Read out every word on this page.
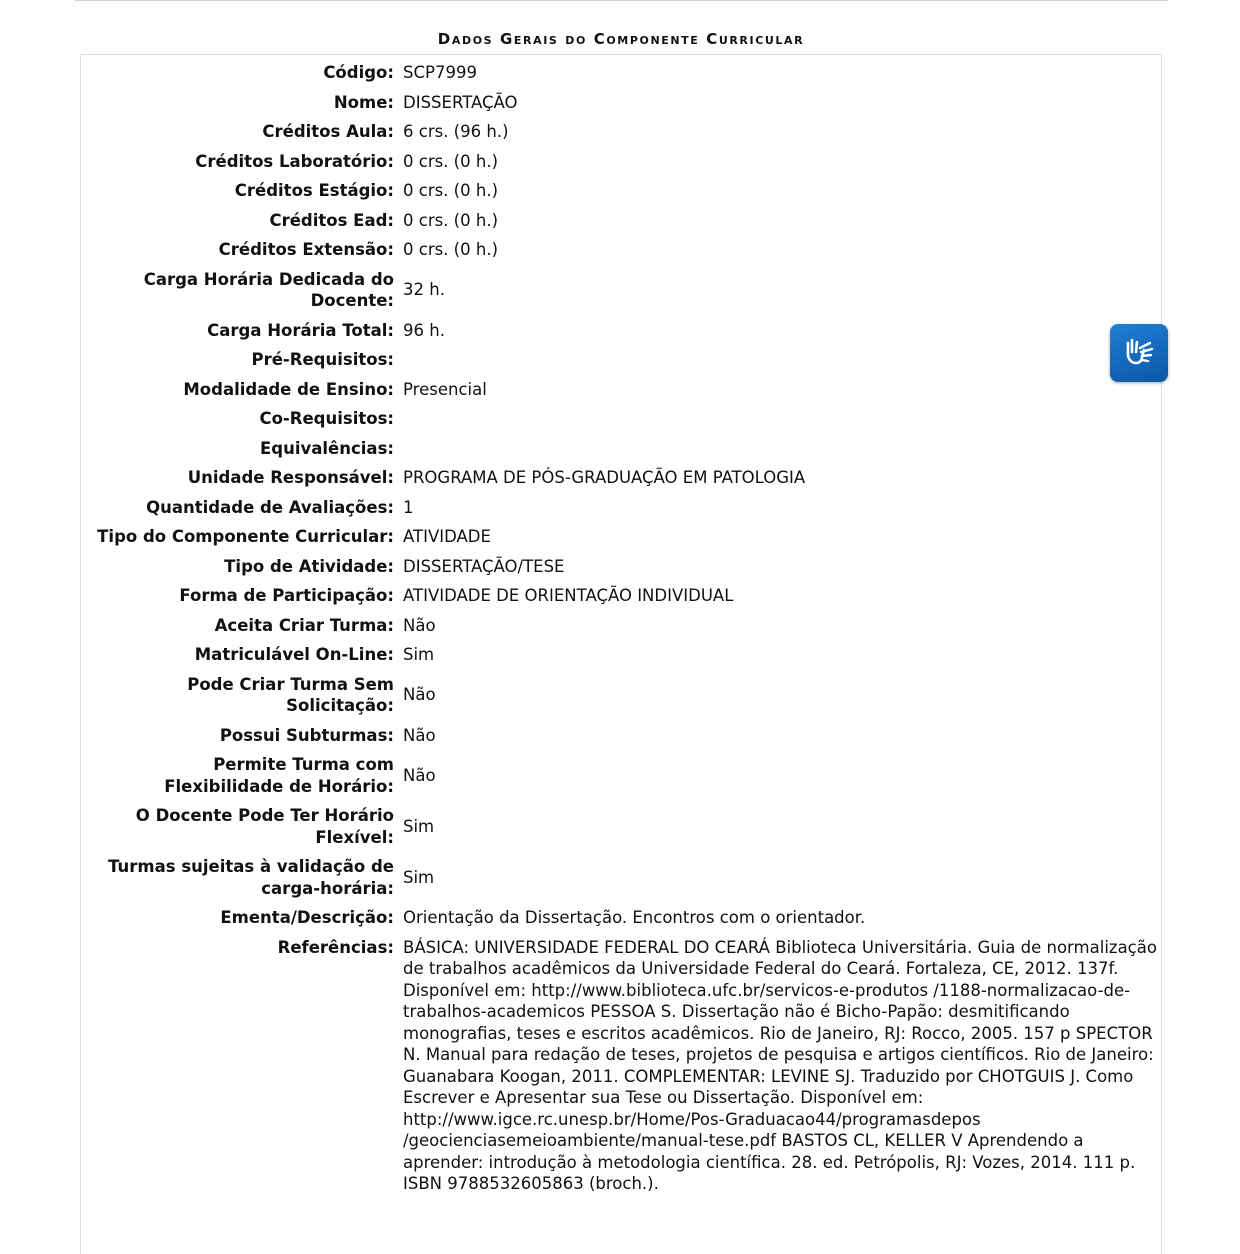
Dados Gerais do Componente Curricular
Código:	SCP7999
Nome:	DISSERTAÇÃO
Créditos Aula:	6 crs. (96 h.)
Créditos Laboratório:	0 crs. (0 h.)
Créditos Estágio:	0 crs. (0 h.)
Créditos Ead:	0 crs. (0 h.)
Créditos Extensão:	0 crs. (0 h.)
Carga Horária Dedicada do Docente:	32 h.
Carga Horária Total:	96 h.
Pré-Requisitos:	
Modalidade de Ensino:	Presencial
Co-Requisitos:	
Equivalências:	
Unidade Responsável:	PROGRAMA DE PÓS-GRADUAÇÃO EM PATOLOGIA
Quantidade de Avaliações:	1
Tipo do Componente Curricular:	ATIVIDADE
Tipo de Atividade:	DISSERTAÇÃO/TESE
Forma de Participação:	ATIVIDADE DE ORIENTAÇÃO INDIVIDUAL
Aceita Criar Turma:	Não
Matriculável On-Line:	Sim
Pode Criar Turma Sem Solicitação:	Não
Possui Subturmas:	Não
Permite Turma com Flexibilidade de Horário:	Não
O Docente Pode Ter Horário Flexível:	Sim
Turmas sujeitas à validação de carga-horária:	Sim
Ementa/Descrição:	Orientação da Dissertação. Encontros com o orientador.
Referências:	BÁSICA: UNIVERSIDADE FEDERAL DO CEARÁ Biblioteca Universitária. Guia de normalização de trabalhos acadêmicos da Universidade Federal do Ceará. Fortaleza, CE, 2012. 137f. Disponível em: http://www.biblioteca.ufc.br/servicos-e-produtos /1188-normalizacao-de-trabalhos-academicos PESSOA S. Dissertação não é Bicho-Papão: desmitificando monografias, teses e escritos acadêmicos. Rio de Janeiro, RJ: Rocco, 2005. 157 p SPECTOR N. Manual para redação de teses, projetos de pesquisa e artigos científicos. Rio de Janeiro: Guanabara Koogan, 2011. COMPLEMENTAR: LEVINE SJ. Traduzido por CHOTGUIS J. Como Escrever e Apresentar sua Tese ou Dissertação. Disponível em: http://www.igce.rc.unesp.br/Home/Pos-Graduacao44/programasdepos /geocienciasemeioambiente/manual-tese.pdf BASTOS CL, KELLER V Aprendendo a aprender: introdução à metodologia científica. 28. ed. Petrópolis, RJ: Vozes, 2014. 111 p. ISBN 9788532605863 (broch.).
